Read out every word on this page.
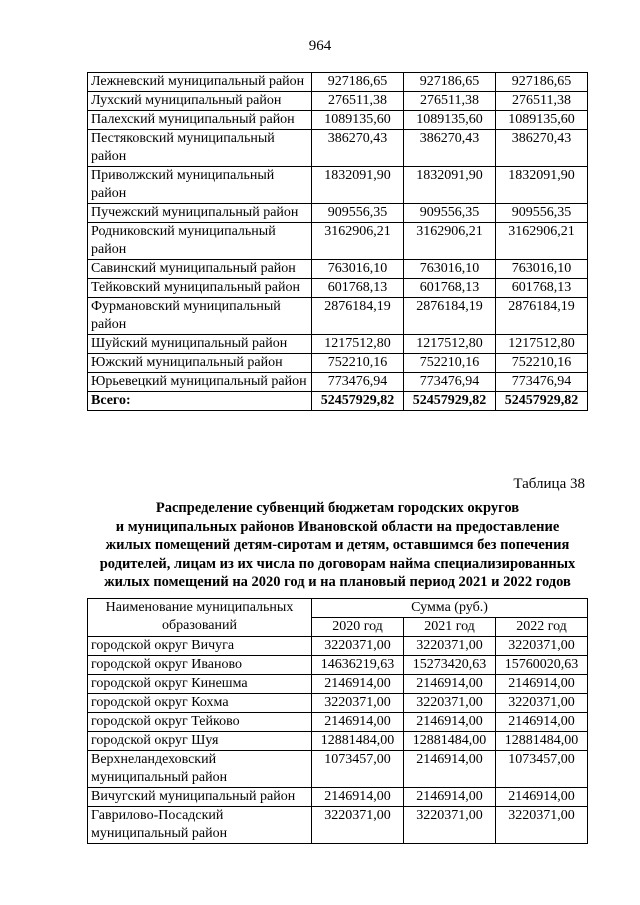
964
Лежневский муниципальный район	927186,65	927186,65	927186,65
Лухский муниципальный район	276511,38	276511,38	276511,38
Палехский муниципальный район	1089135,60	1089135,60	1089135,60
Пестяковский муниципальный район	386270,43	386270,43	386270,43
Приволжский муниципальный район	1832091,90	1832091,90	1832091,90
Пучежский муниципальный район	909556,35	909556,35	909556,35
Родниковский муниципальный район	3162906,21	3162906,21	3162906,21
Савинский муниципальный район	763016,10	763016,10	763016,10
Тейковский муниципальный район	601768,13	601768,13	601768,13
Фурмановский муниципальный район	2876184,19	2876184,19	2876184,19
Шуйский муниципальный район	1217512,80	1217512,80	1217512,80
Южский муниципальный район	752210,16	752210,16	752210,16
Юрьевецкий муниципальный район	773476,94	773476,94	773476,94
Всего:	52457929,82	52457929,82	52457929,82
Таблица 38
Распределение субвенций бюджетам городских округов
и муниципальных районов Ивановской области на предоставление
жилых помещений детям-сиротам и детям, оставшимся без попечения
родителей, лицам из их числа по договорам найма специализированных
жилых помещений на 2020 год и на плановый период 2021 и 2022 годов
Наименование муниципальных образований	Сумма (руб.)		
	2020 год	2021 год	2022 год
городской округ Вичуга	3220371,00	3220371,00	3220371,00
городской округ Иваново	14636219,63	15273420,63	15760020,63
городской округ Кинешма	2146914,00	2146914,00	2146914,00
городской округ Кохма	3220371,00	3220371,00	3220371,00
городской округ Тейково	2146914,00	2146914,00	2146914,00
городской округ Шуя	12881484,00	12881484,00	12881484,00
Верхнеландеховский муниципальный район	1073457,00	2146914,00	1073457,00
Вичугский муниципальный район	2146914,00	2146914,00	2146914,00
Гаврилово-Посадский муниципальный район	3220371,00	3220371,00	3220371,00
